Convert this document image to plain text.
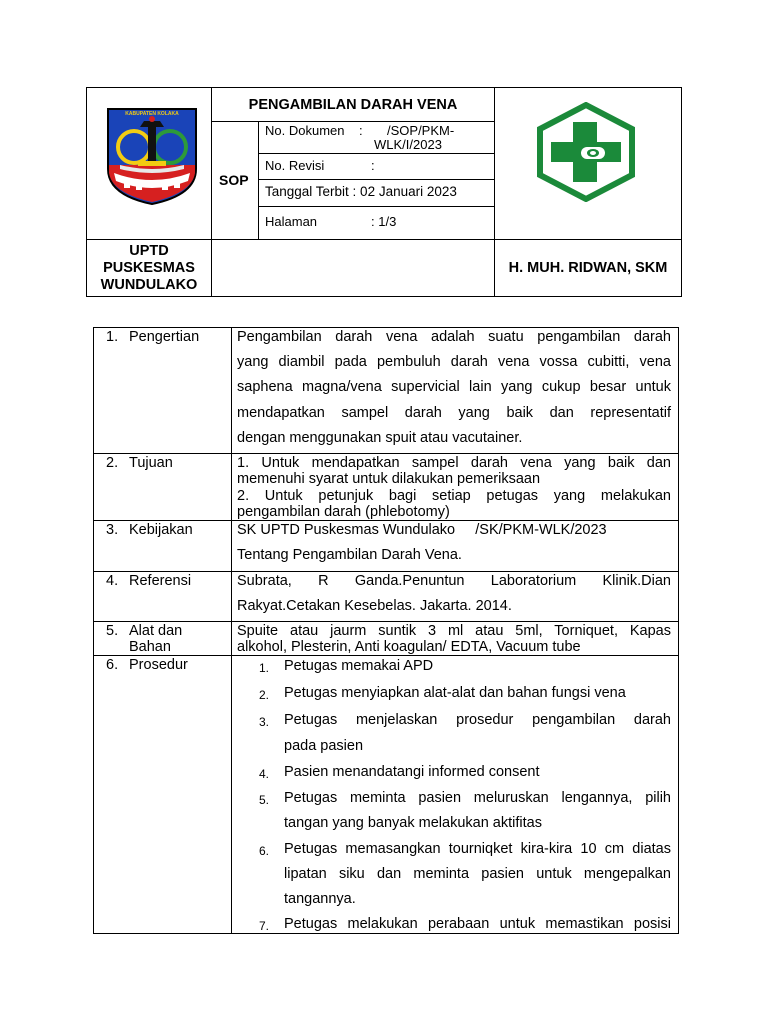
KABUPATEN KOLAKA
PENGAMBILAN DARAH VENA
SOP
No. Dokumen : /SOP/PKM-
WLK/I/2023
No. Revisi	:
Tanggal Terbit : 02 Januari 2023
Halaman	: 1/3
UPTD
PUSKESMAS
WUNDULAKO
H. MUH. RIDWAN, SKM
1. Pengertian
2. Tujuan
3. Kebijakan
4. Referensi
5. Alat dan
Bahan
6. Prosedur
Pengambilan darah vena adalah suatu pengambilan darah
yang diambil pada pembuluh darah vena vossa cubitti, vena
saphena magna/vena supervicial lain yang cukup besar untuk
mendapatkan sampel darah yang baik dan representatif
dengan menggunakan spuit atau vacutainer.
1. Untuk mendapatkan sampel darah vena yang baik dan
memenuhi syarat untuk dilakukan pemeriksaan
2. Untuk petunjuk bagi setiap petugas yang melakukan
pengambilan darah (phlebotomy)
SK UPTD Puskesmas Wundulako     /SK/PKM-WLK/2023
Tentang Pengambilan Darah Vena.
Subrata, R Ganda.Penuntun Laboratorium Klinik.Dian
Rakyat.Cetakan Kesebelas. Jakarta. 2014.
Spuite atau jaurm suntik 3 ml atau 5ml, Torniquet, Kapas
alkohol, Plesterin, Anti koagulan/ EDTA, Vacuum tube
1. Petugas memakai APD
2. Petugas menyiapkan alat-alat dan bahan fungsi vena
3. Petugas menjelaskan prosedur pengambilan darah
pada pasien
4. Pasien menandatangi informed consent
5. Petugas meminta pasien meluruskan lengannya, pilih
tangan yang banyak melakukan aktifitas
6. Petugas memasangkan tourniqket kira-kira 10 cm diatas
lipatan siku dan meminta pasien untuk mengepalkan
tangannya.
7. Petugas melakukan perabaan untuk memastikan posisi
